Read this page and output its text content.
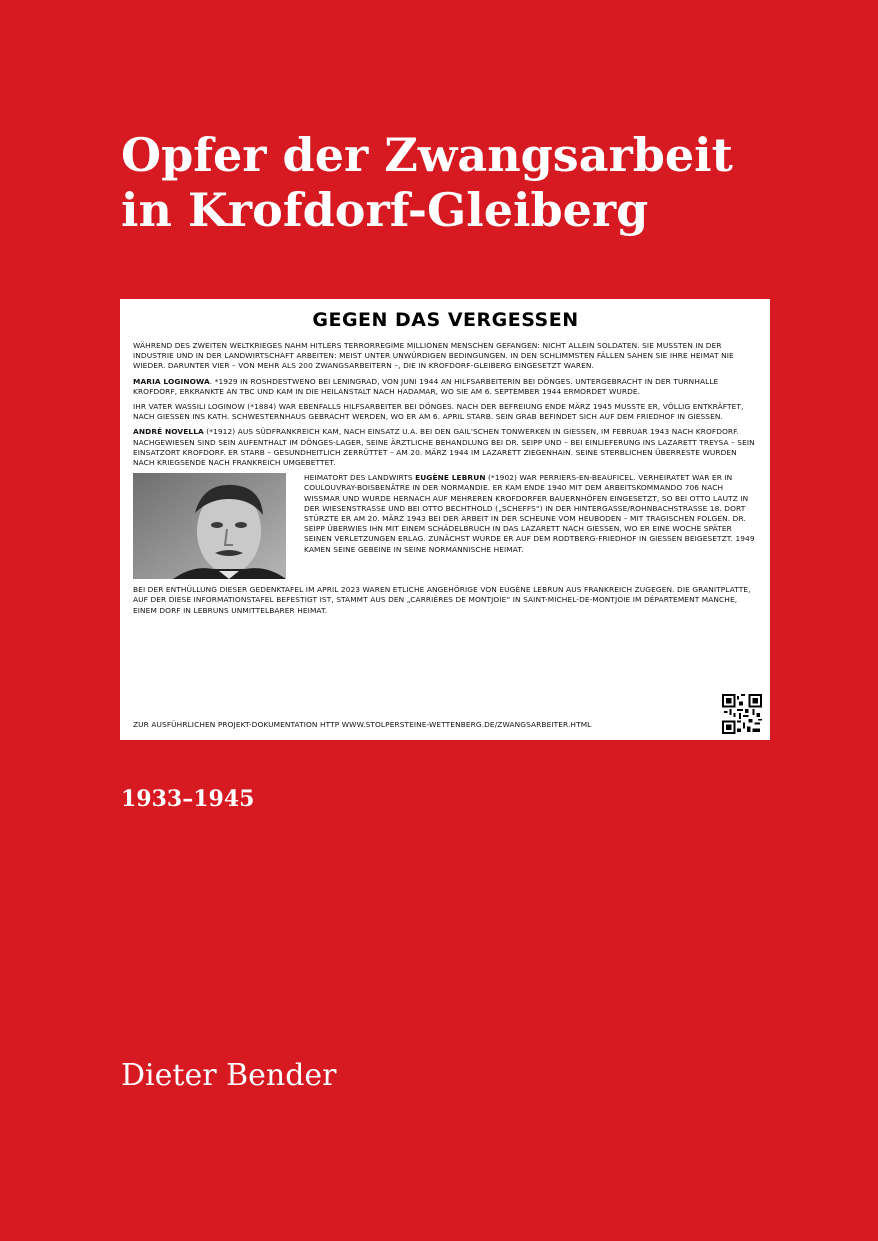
Opfer der Zwangsarbeit
in Krofdorf-Gleiberg
GEGEN DAS VERGESSEN

WÄHREND DES ZWEITEN WELTKRIEGES NAHM HITLERS TERRORREGIME MILLIONEN MENSCHEN GEFANGEN: NICHT ALLEIN SOLDATEN. SIE MUSSTEN IN DER INDUSTRIE UND IN DER LANDWIRTSCHAFT ARBEITEN: MEIST UNTER UNWÜRDIGEN BEDINGUNGEN. IN DEN SCHLIMMSTEN FÄLLEN SAHEN SIE IHRE HEIMAT NIE WIEDER. DARUNTER VIER – VON MEHR ALS 200 ZWANGSARBEITERN –, DIE IN KROFDORF-GLEIBERG EINGESETZT WAREN.

MARIA LOGINOWA. *1929 IN ROSHDESTWENO BEI LENINGRAD, VON JUNI 1944 AN HILFSARBEITERIN BEI DÖNGES. UNTERGEBRACHT IN DER TURNHALLE KROFDORF, ERKRANKTE AN TBC UND KAM IN DIE HEILANSTALT NACH HADAMAR, WO SIE AM 6. SEPTEMBER 1944 ERMORDET WURDE.

IHR VATER WASSILI LOGINOW (*1884) WAR EBENFALLS HILFSARBEITER BEI DÖNGES. NACH DER BEFREIUNG ENDE MÄRZ 1945 MUSSTE ER, VÖLLIG ENTKRÄFTET, NACH GIESSEN INS KATH. SCHWESTERNHAUS GEBRACHT WERDEN, WO ER AM 6. APRIL STARB. SEIN GRAB BEFINDET SICH AUF DEM FRIEDHOF IN GIESSEN.

ANDRÉ NOVELLA (*1912) AUS SÜDFRANKREICH KAM, NACH EINSATZ U.A. BEI DEN GAIL'SCHEN TONWERKEN IN GIESSEN, IM FEBRUAR 1943 NACH KROFDORF. NACHGEWIESEN SIND SEIN AUFENTHALT IM DÖNGES-LAGER, SEINE ÄRZTLICHE BEHANDLUNG BEI DR. SEIPP UND – BEI EINLIEFERUNG INS LAZARETT TREYSA – SEIN EINSATZORT KROFDORF. ER STARB – GESUNDHEITLICH ZERRÜTTET – AM 20. MÄRZ 1944 IM LAZARETT ZIEGENHAIN. SEINE STERBLICHEN ÜBERRESTE WURDEN NACH KRIEGSENDE NACH FRANKREICH UMGEBETTET.

HEIMATORT DES LANDWIRTS EUGÈNE LEBRUN (*1902) WAR PERRIERS-EN-BEAUFICEL. VERHEIRATET WAR ER IN COULOUVRAY-BOISBENÂTRE IN DER NORMANDIE. ER KAM ENDE 1940 MIT DEM ARBEITSKOMMANDO 706 NACH WISSMAR UND WURDE HERNACH AUF MEHREREN KROFDORFER BAUERNHÖFEN EINGESETZT, SO BEI OTTO LAUTZ IN DER WIESENSTRASSE UND BEI OTTO BECHTHOLD („SCHEFFS“) IN DER HINTERGASSE/ROHNBACHSTRASSE 18. DORT STÜRZTE ER AM 20. MÄRZ 1943 BEI DER ARBEIT IN DER SCHEUNE VOM HEUBODEN – MIT TRAGISCHEN FOLGEN. DR. SEIPP ÜBERWIES IHN MIT EINEM SCHÄDELBRUCH IN DAS LAZARETT NACH GIESSEN, WO ER EINE WOCHE SPÄTER SEINEN VERLETZUNGEN ERLAG. ZUNÄCHST WURDE ER AUF DEM RODTBERG-FRIEDHOF IN GIESSEN BEIGESETZT. 1949 KAMEN SEINE GEBEINE IN SEINE NORMANNISCHE HEIMAT.

BEI DER ENTHÜLLUNG DIESER GEDENKTAFEL IM APRIL 2023 WAREN ETLICHE ANGEHÖRIGE VON EUGÈNE LEBRUN AUS FRANKREICH ZUGEGEN. DIE GRANITPLATTE, AUF DER DIESE INFORMATIONSTAFEL BEFESTIGT IST, STAMMT AUS DEN „CARRIÈRES DE MONTJOIE“ IN SAINT-MICHEL-DE-MONTJOIE IM DÉPARTEMENT MANCHE, EINEM DORF IN LEBRUNS UNMITTELBARER HEIMAT.

ZUR AUSFÜHRLICHEN PROJEKT-DOKUMENTATION HTTP WWW.STOLPERSTEINE-WETTENBERG.DE/ZWANGSARBEITER.HTML

1933–1945

Dieter Bender
